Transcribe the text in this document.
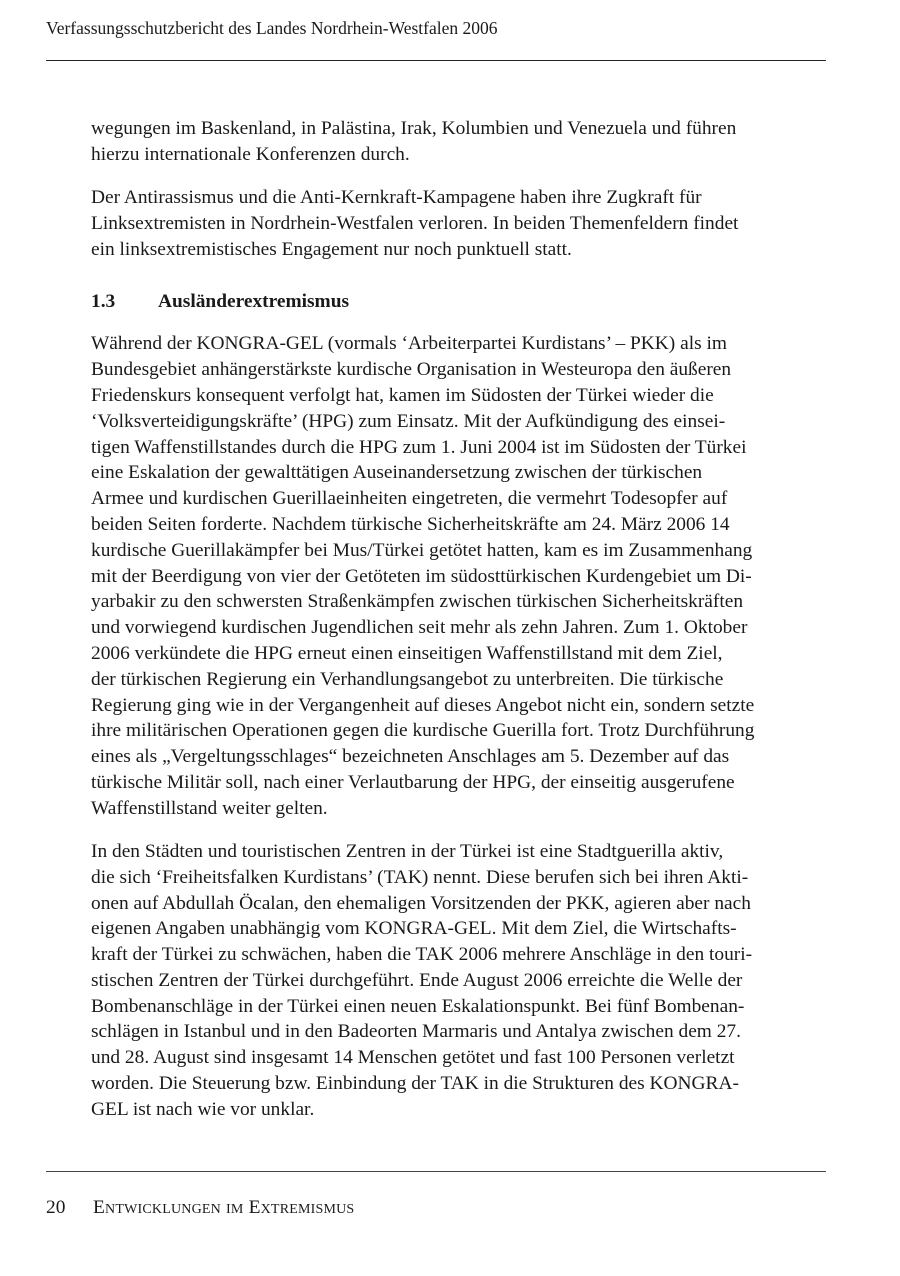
Verfassungsschutzbericht des Landes Nordrhein-Westfalen 2006

wegungen im Baskenland, in Palästina, Irak, Kolumbien und Venezuela und führen

hierzu internationale Konferenzen durch.

Der Antirassismus und die Anti-Kernkraft-Kampagene haben ihre Zugkraft für

Linksextremisten in Nordrhein-Westfalen verloren. In beiden Themenfeldern findet

ein linksextremistisches Engagement nur noch punktuell statt.

1.3 Ausländerextremismus

Während der KONGRA-GEL (vormals ‘Arbeiterpartei Kurdistans’ – PKK) als im

Bundesgebiet anhängerstärkste kurdische Organisation in Westeuropa den äußeren

Friedenskurs konsequent verfolgt hat, kamen im Südosten der Türkei wieder die

‘Volksverteidigungskräfte’ (HPG) zum Einsatz. Mit der Aufkündigung des einsei-

tigen Waffenstillstandes durch die HPG zum 1. Juni 2004 ist im Südosten der Türkei

eine Eskalation der gewalttätigen Auseinandersetzung zwischen der türkischen

Armee und kurdischen Guerillaeinheiten eingetreten, die vermehrt Todesopfer auf

beiden Seiten forderte. Nachdem türkische Sicherheitskräfte am 24. März 2006 14

kurdische Guerillakämpfer bei Mus/Türkei getötet hatten, kam es im Zusammenhang

mit der Beerdigung von vier der Getöteten im südosttürkischen Kurdengebiet um Di-

yarbakir zu den schwersten Straßenkämpfen zwischen türkischen Sicherheitskräften

und vorwiegend kurdischen Jugendlichen seit mehr als zehn Jahren. Zum 1. Oktober

2006 verkündete die HPG erneut einen einseitigen Waffenstillstand mit dem Ziel,

der türkischen Regierung ein Verhandlungsangebot zu unterbreiten. Die türkische

Regierung ging wie in der Vergangenheit auf dieses Angebot nicht ein, sondern setzte

ihre militärischen Operationen gegen die kurdische Guerilla fort. Trotz Durchführung

eines als „Vergeltungsschlages“ bezeichneten Anschlages am 5. Dezember auf das

türkische Militär soll, nach einer Verlautbarung der HPG, der einseitig ausgerufene

Waffenstillstand weiter gelten.

In den Städten und touristischen Zentren in der Türkei ist eine Stadtguerilla aktiv,

die sich ‘Freiheitsfalken Kurdistans’ (TAK) nennt. Diese berufen sich bei ihren Akti-

onen auf Abdullah Öcalan, den ehemaligen Vorsitzenden der PKK, agieren aber nach

eigenen Angaben unabhängig vom KONGRA-GEL. Mit dem Ziel, die Wirtschafts-

kraft der Türkei zu schwächen, haben die TAK 2006 mehrere Anschläge in den touri-

stischen Zentren der Türkei durchgeführt. Ende August 2006 erreichte die Welle der

Bombenanschläge in der Türkei einen neuen Eskalationspunkt. Bei fünf Bombenan-

schlägen in Istanbul und in den Badeorten Marmaris und Antalya zwischen dem 27.

und 28. August sind insgesamt 14 Menschen getötet und fast 100 Personen verletzt

worden. Die Steuerung bzw. Einbindung der TAK in die Strukturen des KONGRA-

GEL ist nach wie vor unklar.

20 Entwicklungen im Extremismus
